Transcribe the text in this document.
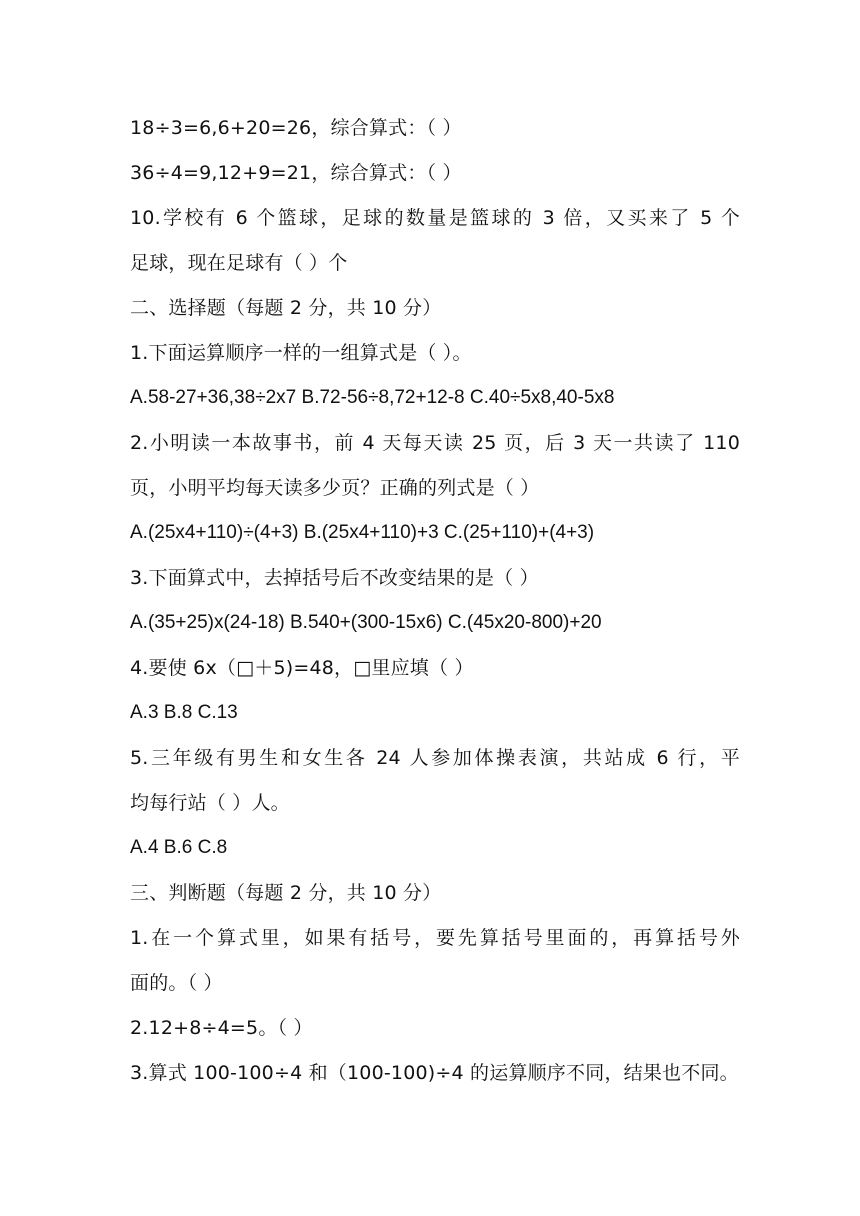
18÷3=6,6+20=26，综合算式：（ ）
36÷4=9,12+9=21，综合算式：（ ）
10.学校有 6 个篮球，足球的数量是篮球的 3 倍，又买来了 5 个
足球，现在足球有（ ）个
二、选择题（每题 2 分，共 10 分）
1.下面运算顺序一样的一组算式是（ ）。
A.58-27+36,38÷2x7 B.72-56÷8,72+12-8 C.40÷5x8,40-5x8
2.小明读一本故事书，前 4 天每天读 25 页，后 3 天一共读了 110
页，小明平均每天读多少页？正确的列式是（ ）
A.(25x4+110)÷(4+3) B.(25x4+110)+3 C.(25+110)+(4+3)
3.下面算式中，去掉括号后不改变结果的是（ ）
A.(35+25)x(24-18) B.540+(300-15x6) C.(45x20-800)+20
4.要使 6x（□＋5)=48，□里应填（ ）
A.3 B.8 C.13
5.三年级有男生和女生各 24 人参加体操表演，共站成 6 行，平
均每行站（ ）人。
A.4 B.6 C.8
三、判断题（每题 2 分，共 10 分）
1.在一个算式里，如果有括号，要先算括号里面的，再算括号外
面的。（ ）
2.12+8÷4=5。（ ）
3.算式 100-100÷4 和（100-100)÷4 的运算顺序不同，结果也不同。
